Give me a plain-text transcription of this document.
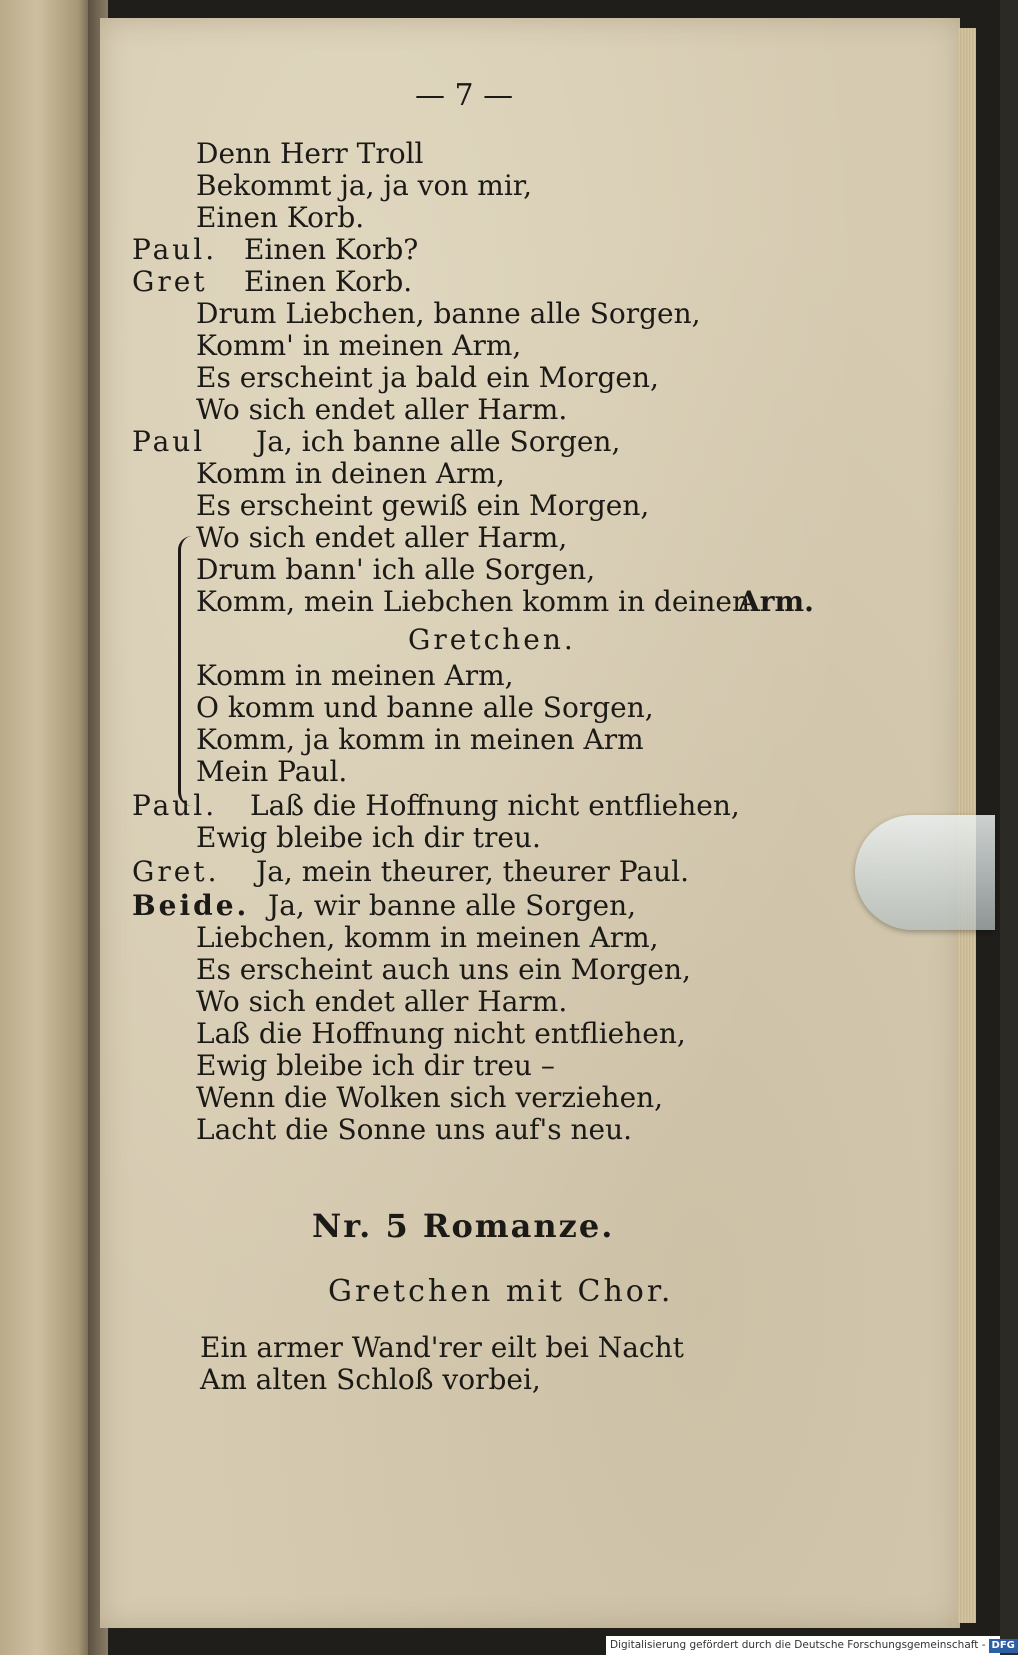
— 7 —
Denn Herr Troll
Bekommt ja, ja von mir,
Einen Korb.
Paul. Einen Korb?
Gret Einen Korb.
Drum Liebchen, banne alle Sorgen,
Komm' in meinen Arm,
Es erscheint ja bald ein Morgen,
Wo sich endet aller Harm.
Paul Ja, ich banne alle Sorgen,
Komm in deinen Arm,
Es erscheint gewiß ein Morgen,
Wo sich endet aller Harm,
Drum bann' ich alle Sorgen,
Komm, mein Liebchen komm in deinen
Arm.
Gretchen.
Komm in meinen Arm,
O komm und banne alle Sorgen,
Komm, ja komm in meinen Arm
Mein Paul.
Paul. Laß die Hoffnung nicht entfliehen,
Ewig bleibe ich dir treu.
Gret. Ja, mein theurer, theurer Paul.
Beide. Ja, wir banne alle Sorgen,
Liebchen, komm in meinen Arm,
Es erscheint auch uns ein Morgen,
Wo sich endet aller Harm.
Laß die Hoffnung nicht entfliehen,
Ewig bleibe ich dir treu –
Wenn die Wolken sich verziehen,
Lacht die Sonne uns auf's neu.
Nr. 5 Romanze.
Gretchen mit Chor.
Ein armer Wand'rer eilt bei Nacht
Am alten Schloß vorbei,
Digitalisierung gefördert durch die Deutsche Forschungsgemeinschaft - DFG
